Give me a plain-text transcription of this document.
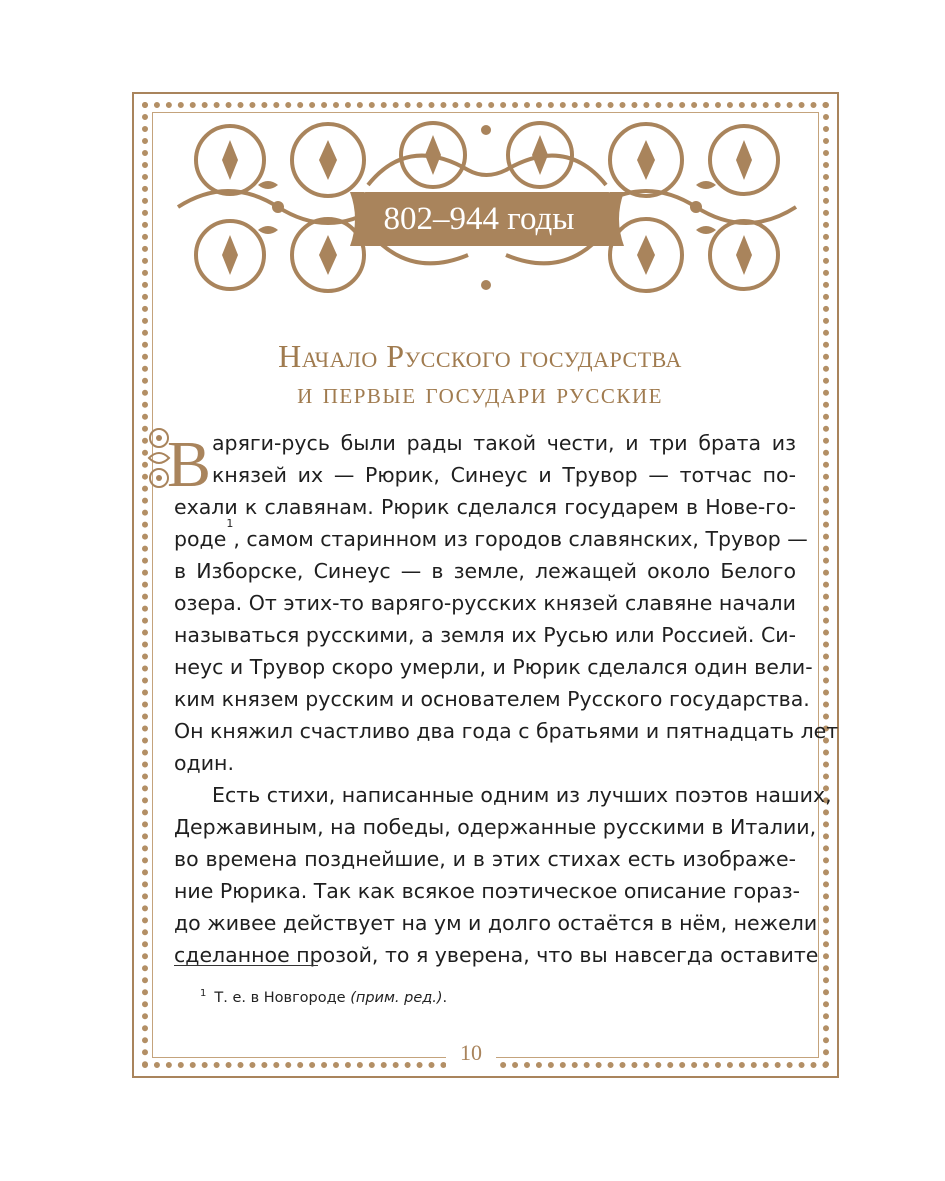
802–944 годы
Начало Русского государства
и первые государи русские
В аряги-русь были рады такой чести, и три брата из
князей их — Рюрик, Синеус и Трувор — тотчас по-
ехали к славянам. Рюрик сделался государем в Нове-го-
роде
1
, самом старинном из городов славянских, Трувор —
в Изборске, Синеус — в земле, лежащей около Белого
озера. От этих-то варяго-русских князей славяне начали
называться русскими, а земля их Русью или Россией. Си-
неус и Трувор скоро умерли, и Рюрик сделался один вели-
ким князем русским и основателем Русского государства.
Он княжил счастливо два года с братьями и пятнадцать лет
один.
Есть стихи, написанные одним из лучших поэтов наших,
Державиным, на победы, одержанные русскими в Италии,
во времена позднейшие, и в этих стихах есть изображе-
ние Рюрика. Так как всякое поэтическое описание горaз-
до живее действует на ум и долго остаётся в нём, нежели
сделанное прозой, то я уверена, что вы навсегда оставите
$^1$ Т. е. в Новгороде (прим. ред.).
10
